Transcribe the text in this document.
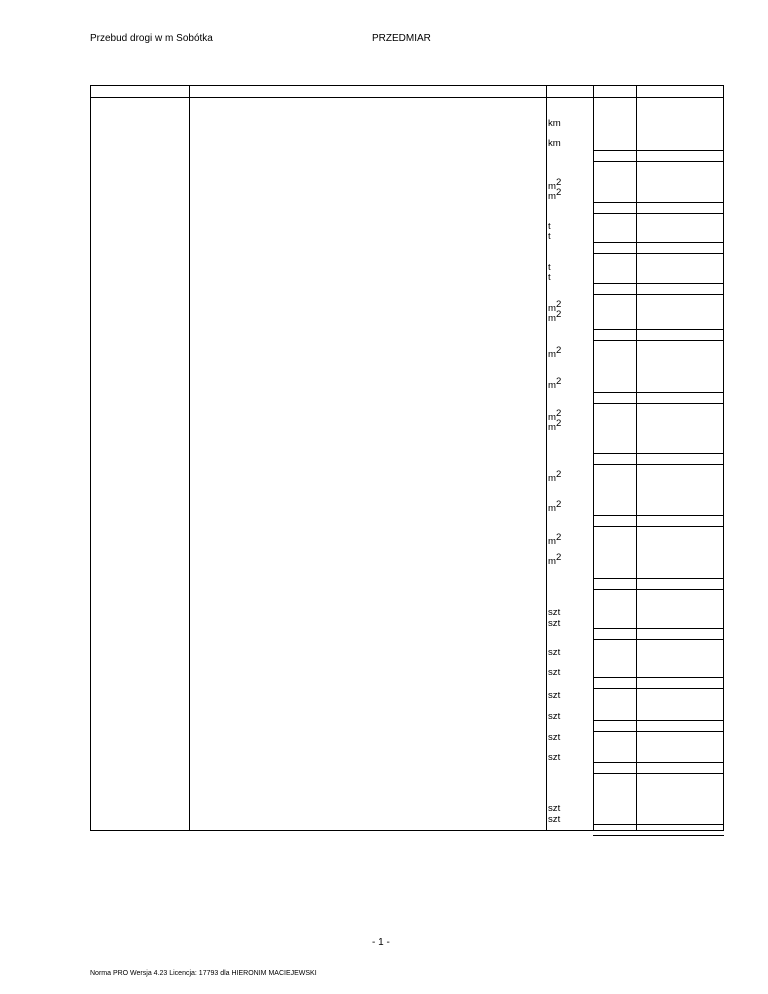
Przebud drogi w m Sobótka	PRZEDMIAR
km
km
m2
m2
t
t
t
t
m2
m2
m2
m2
m2
m2
m2
m2
m2
m2
szt
szt
szt
szt
szt
szt
szt
szt
szt
szt
- 1 -
Norma PRO Wersja 4.23 Licencja: 17793 dla HIERONIM MACIEJEWSKI
